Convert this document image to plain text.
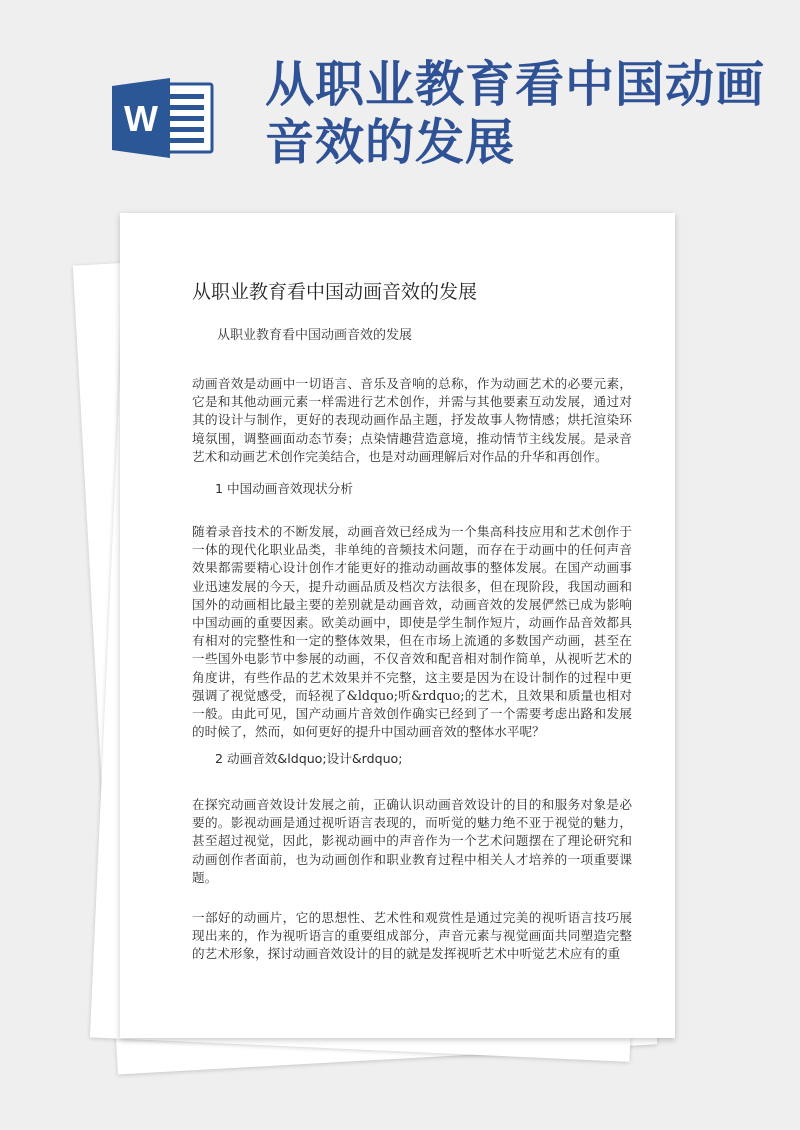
W
从职业教育看中国动画音效的发展
从职业教育看中国动画音效的发展

从职业教育看中国动画音效的发展

动画音效是动画中一切语言、音乐及音响的总称，作为动画艺术的必要元素，它是和其他动画元素一样需进行艺术创作，并需与其他要素互动发展，通过对其的设计与制作，更好的表现动画作品主题，抒发故事人物情感；烘托渲染环境氛围，调整画面动态节奏；点染情趣营造意境，推动情节主线发展。是录音艺术和动画艺术创作完美结合，也是对动画理解后对作品的升华和再创作。

1 中国动画音效现状分析

随着录音技术的不断发展，动画音效已经成为一个集高科技应用和艺术创作于一体的现代化职业品类，非单纯的音频技术问题，而存在于动画中的任何声音效果都需要精心设计创作才能更好的推动动画故事的整体发展。在国产动画事业迅速发展的今天，提升动画品质及档次方法很多，但在现阶段，我国动画和国外的动画相比最主要的差别就是动画音效，动画音效的发展俨然已成为影响中国动画的重要因素。欧美动画中，即使是学生制作短片，动画作品音效都具有相对的完整性和一定的整体效果，但在市场上流通的多数国产动画，甚至在一些国外电影节中参展的动画，不仅音效和配音相对制作简单，从视听艺术的角度讲，有些作品的艺术效果并不完整，这主要是因为在设计制作的过程中更强调了视觉感受，而轻视了&ldquo;听&rdquo;的艺术，且效果和质量也相对一般。由此可见，国产动画片音效创作确实已经到了一个需要考虑出路和发展的时候了，然而，如何更好的提升中国动画音效的整体水平呢？

2 动画音效&ldquo;设计&rdquo;

在探究动画音效设计发展之前，正确认识动画音效设计的目的和服务对象是必要的。影视动画是通过视听语言表现的，而听觉的魅力绝不亚于视觉的魅力，甚至超过视觉，因此，影视动画中的声音作为一个艺术问题摆在了理论研究和动画创作者面前，也为动画创作和职业教育过程中相关人才培养的一项重要课题。

一部好的动画片，它的思想性、艺术性和观赏性是通过完美的视听语言技巧展现出来的，作为视听语言的重要组成部分，声音元素与视觉画面共同塑造完整的艺术形象，探讨动画音效设计的目的就是发挥视听艺术中听觉艺术应有的重
